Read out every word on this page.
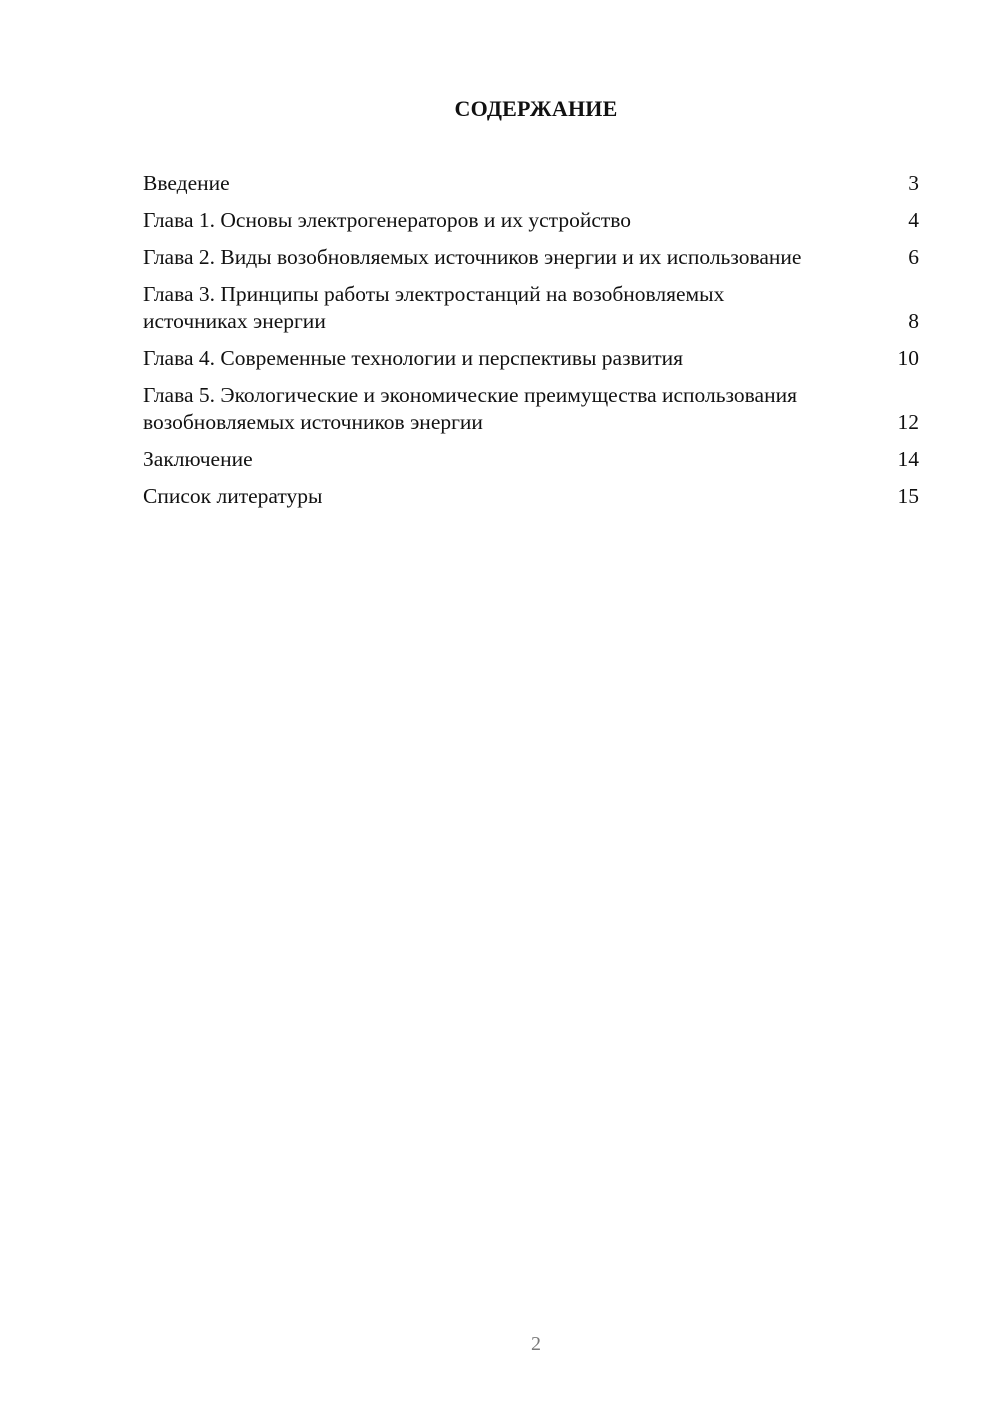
СОДЕРЖАНИЕ
Введение	3
Глава 1. Основы электрогенераторов и их устройство	4
Глава 2. Виды возобновляемых источников энергии и их использование	6
Глава 3. Принципы работы электростанций на возобновляемых источниках энергии	8
Глава 4. Современные технологии и перспективы развития	10
Глава 5. Экологические и экономические преимущества использования возобновляемых источников энергии	12
Заключение	14
Список литературы	15
2
